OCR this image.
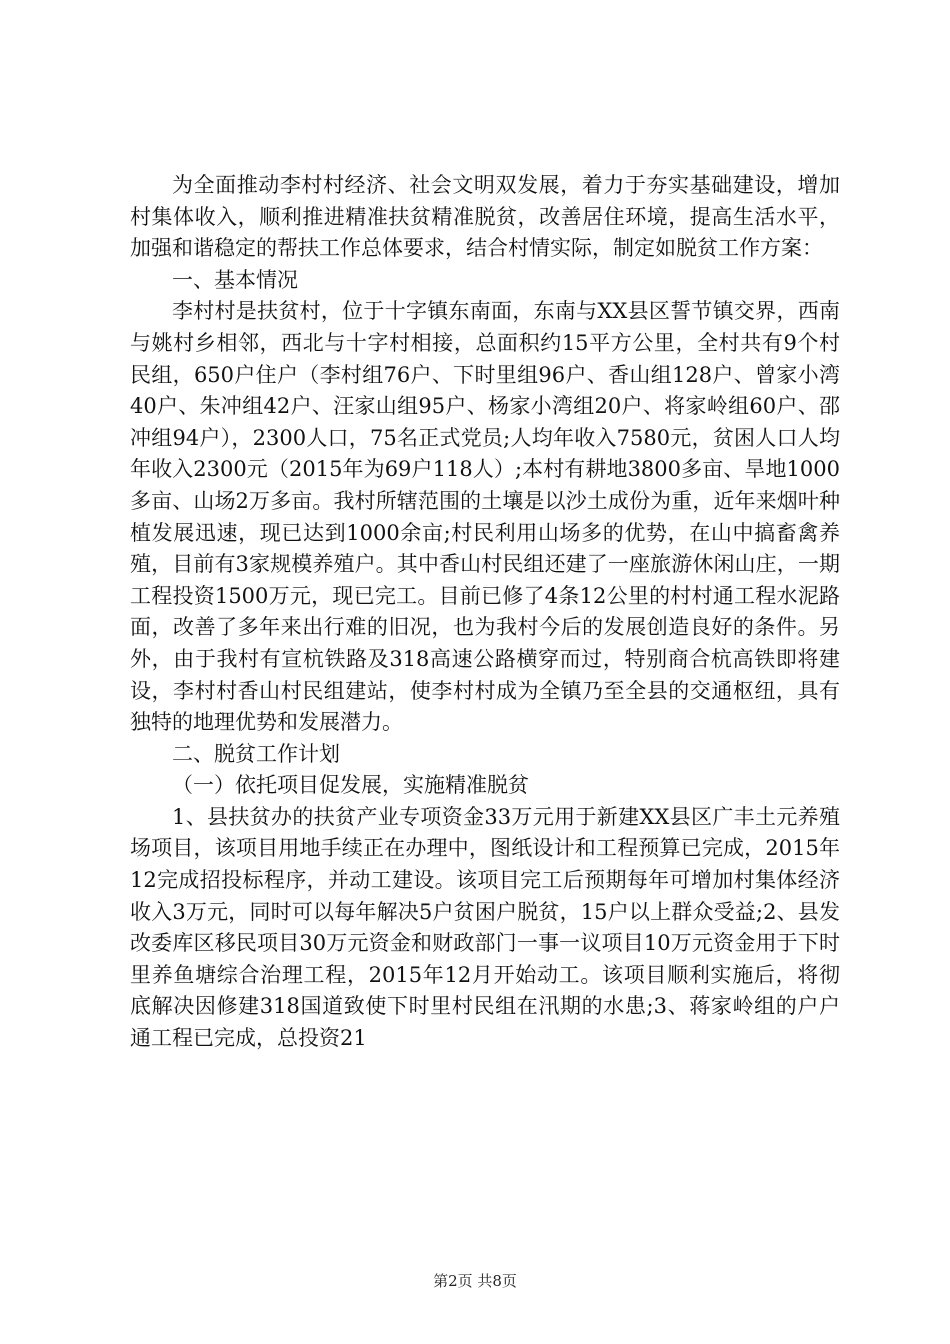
为全面推动李村村经济、社会文明双发展，着力于夯实基础建设，增加村集体收入，顺利推进精准扶贫精准脱贫，改善居住环境，提高生活水平，加强和谐稳定的帮扶工作总体要求，结合村情实际，制定如脱贫工作方案：

一、基本情况

李村村是扶贫村，位于十字镇东南面，东南与XX县区誓节镇交界，西南与姚村乡相邻，西北与十字村相接，总面积约15平方公里，全村共有9个村民组，650户住户（李村组76户、下时里组96户、香山组128户、曾家小湾40户、朱冲组42户、汪家山组95户、杨家小湾组20户、将家岭组60户、邵冲组94户），2300人口，75名正式党员;人均年收入7580元，贫困人口人均年收入2300元（2015年为69户118人）;本村有耕地3800多亩、旱地1000多亩、山场2万多亩。我村所辖范围的土壤是以沙土成份为重，近年来烟叶种植发展迅速，现已达到1000余亩;村民利用山场多的优势，在山中搞畜禽养殖，目前有3家规模养殖户。其中香山村民组还建了一座旅游休闲山庄，一期工程投资1500万元，现已完工。目前已修了4条12公里的村村通工程水泥路面，改善了多年来出行难的旧况，也为我村今后的发展创造良好的条件。另外，由于我村有宣杭铁路及318高速公路横穿而过，特别商合杭高铁即将建设，李村村香山村民组建站，使李村村成为全镇乃至全县的交通枢纽，具有独特的地理优势和发展潜力。

二、脱贫工作计划

（一）依托项目促发展，实施精准脱贫

1、县扶贫办的扶贫产业专项资金33万元用于新建XX县区广丰土元养殖场项目，该项目用地手续正在办理中，图纸设计和工程预算已完成，2015年12完成招投标程序，并动工建设。该项目完工后预期每年可增加村集体经济收入3万元，同时可以每年解决5户贫困户脱贫，15户以上群众受益;2、县发改委库区移民项目30万元资金和财政部门一事一议项目10万元资金用于下时里养鱼塘综合治理工程，2015年12月开始动工。该项目顺利实施后，将彻底解决因修建318国道致使下时里村民组在汛期的水患;3、蒋家岭组的户户通工程已完成，总投资21

第2页 共8页
